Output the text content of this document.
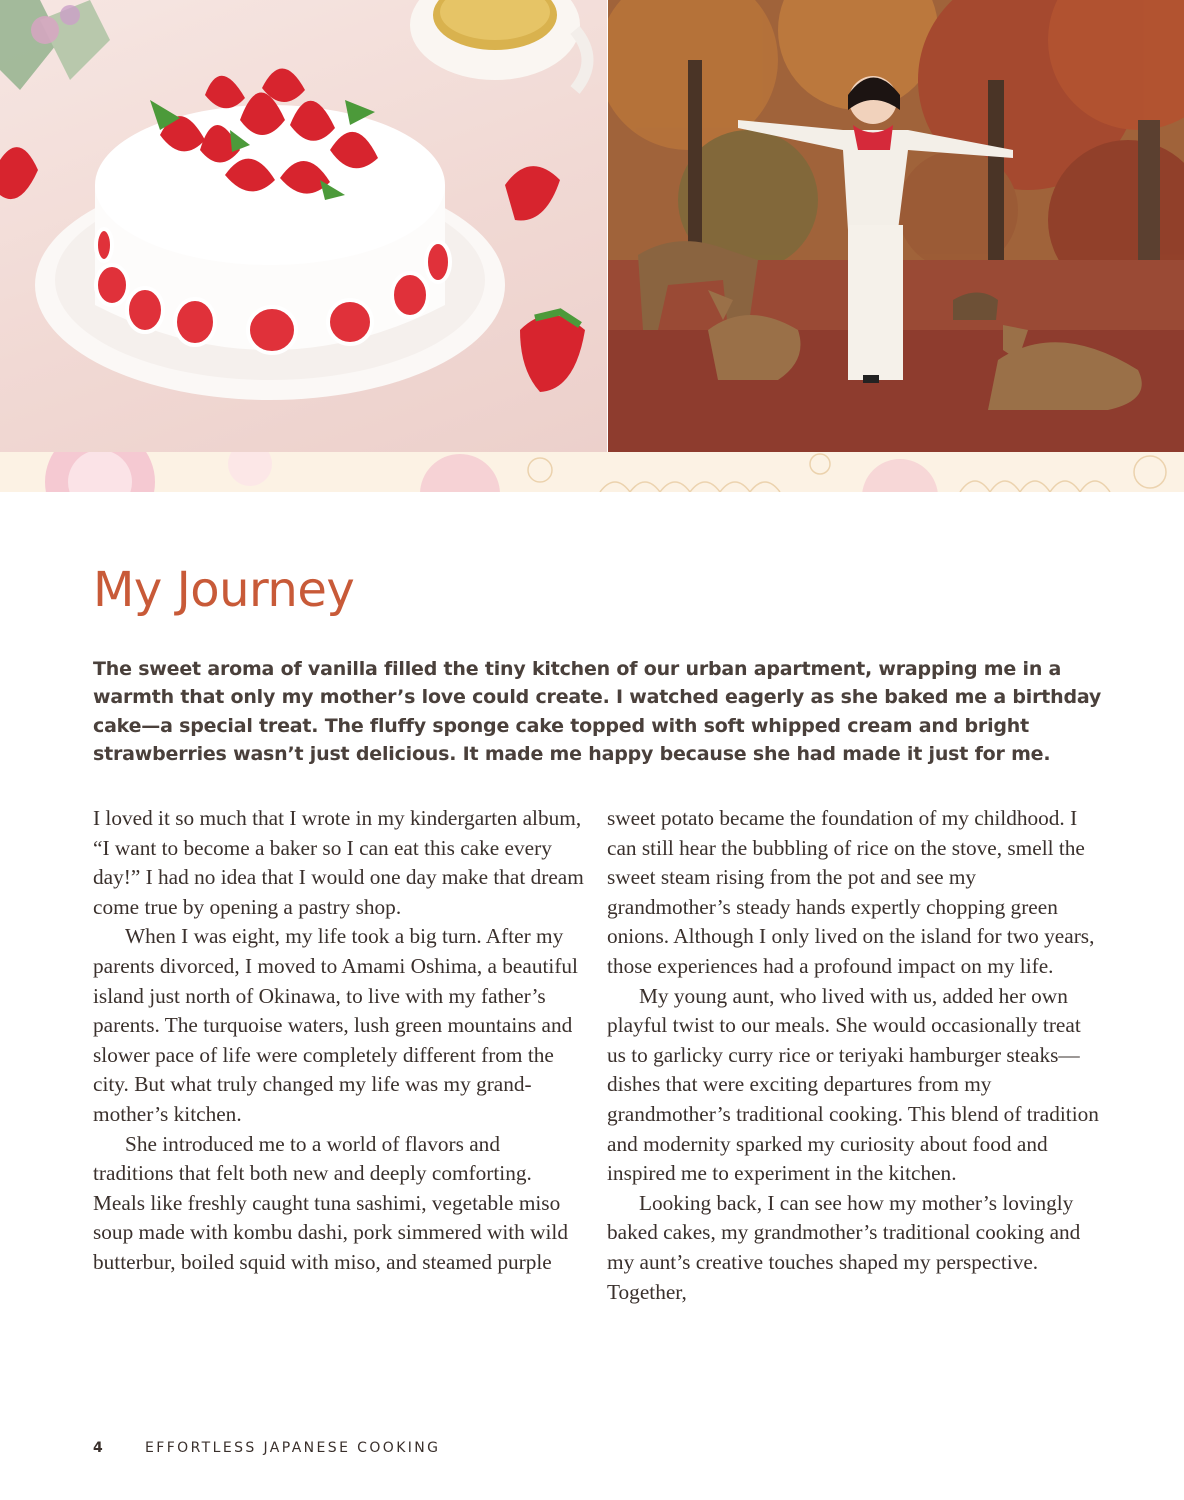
My Journey

The sweet aroma of vanilla filled the tiny kitchen of our urban apartment, wrapping me in a warmth that only my mother’s love could create. I watched eagerly as she baked me a birthday cake—a special treat. The fluffy sponge cake topped with soft whipped cream and bright strawberries wasn’t just delicious. It made me happy because she had made it just for me.

I loved it so much that I wrote in my kindergarten album, “I want to become a baker so I can eat this cake every day!” I had no idea that I would one day make that dream come true by opening a pastry shop.

When I was eight, my life took a big turn. After my parents divorced, I moved to Amami Oshima, a beautiful island just north of Okinawa, to live with my father’s parents. The turquoise waters, lush green mountains and slower pace of life were completely different from the city. But what truly changed my life was my grand-mother’s kitchen.

She introduced me to a world of flavors and traditions that felt both new and deeply comforting. Meals like freshly caught tuna sashimi, vegetable miso soup made with kombu dashi, pork simmered with wild butterbur, boiled squid with miso, and steamed purple

sweet potato became the foundation of my childhood. I can still hear the bubbling of rice on the stove, smell the sweet steam rising from the pot and see my grandmother’s steady hands expertly chopping green onions. Although I only lived on the island for two years, those experiences had a profound impact on my life.

My young aunt, who lived with us, added her own playful twist to our meals. She would occasionally treat us to garlicky curry rice or teriyaki hamburger steaks—dishes that were exciting departures from my grandmother’s traditional cooking. This blend of tradition and modernity sparked my curiosity about food and inspired me to experiment in the kitchen.

Looking back, I can see how my mother’s lovingly baked cakes, my grandmother’s traditional cooking and my aunt’s creative touches shaped my perspective. Together,

4	EFFORTLESS JAPANESE COOKING
